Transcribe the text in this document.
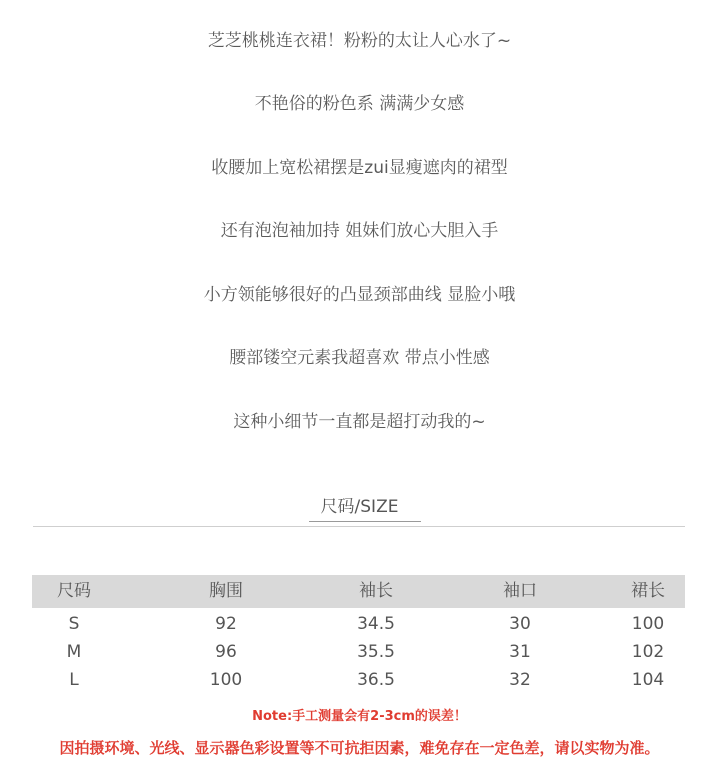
芝芝桃桃连衣裙！粉粉的太让人心水了~
不艳俗的粉色系 满满少女感
收腰加上宽松裙摆是zui显瘦遮肉的裙型
还有泡泡袖加持 姐妹们放心大胆入手
小方领能够很好的凸显颈部曲线 显脸小哦
腰部镂空元素我超喜欢 带点小性感
这种小细节一直都是超打动我的~
尺码/SIZE
尺码	胸围	袖长	袖口	裙长
S	92	34.5	30	100
M	96	35.5	31	102
L	100	36.5	32	104
Note:手工测量会有2-3cm的误差！
因拍摄环境、光线、显示器色彩设置等不可抗拒因素，难免存在一定色差，请以实物为准。
